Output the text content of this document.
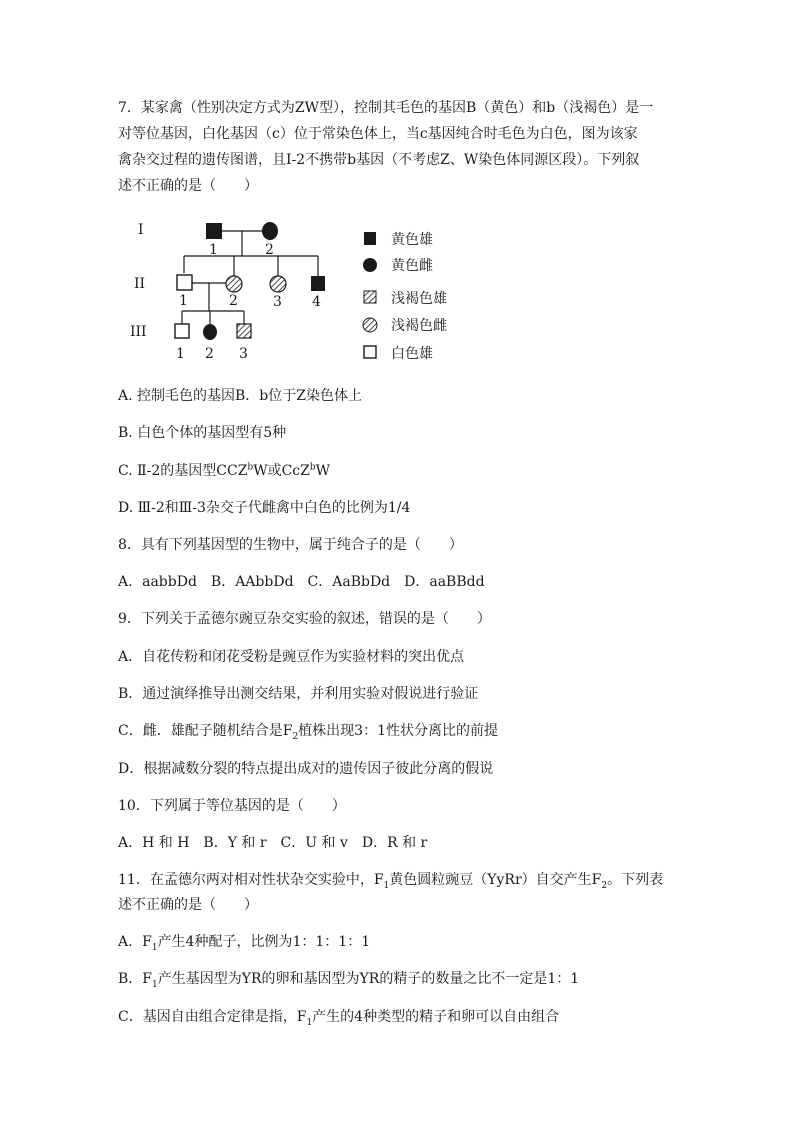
7．某家禽（性别决定方式为ZW型），控制其毛色的基因B（黄色）和b（浅褐色）是一

对等位基因，白化基因（c）位于常染色体上，当c基因纯合时毛色为白色，图为该家

禽杂交过程的遗传图谱，且Ⅰ-2不携带b基因（不考虑Z、W染色体同源区段）。下列叙

述不正确的是（　　）

I
II
III
1	2
1	2	3 4
1 2 3
黄色雄
黄色雌
浅褐色雄
浅褐色雌
白色雄
A. 控制毛色的基因B．b位于Z染色体上
B. 白色个体的基因型有5种
C. Ⅱ-2的基因型CCZ$^b$W或CcZ$^b$W
D. Ⅲ-2和Ⅲ-3杂交子代雌禽中白色的比例为1/4
8．具有下列基因型的生物中，属于纯合子的是（　　）
A．aabbDd　B．AAbbDd　C．AaBbDd　D．aaBBdd
9．下列关于孟德尔豌豆杂交实验的叙述，错误的是（　　）
A．自花传粉和闭花受粉是豌豆作为实验材料的突出优点
B．通过演绎推导出测交结果，并利用实验对假说进行验证
C．雌．雄配子随机结合是$F_2$植株出现3：1性状分离比的前提
D．根据减数分裂的特点提出成对的遗传因子彼此分离的假说
10．下列属于等位基因的是（　　）
A．H 和 H　B．Y 和 r　C．U 和 v　D．R 和 r
11．在孟德尔两对相对性状杂交实验中，$F_1$黄色圆粒豌豆（YyRr）自交产生$F_2$。下列表
述不正确的是（　　）
A．$F_1$产生4种配子，比例为1：1：1：1
B．$F_1$产生基因型为YR的卵和基因型为YR的精子的数量之比不一定是1：1
C．基因自由组合定律是指，$F_1$产生的4种类型的精子和卵可以自由组合
